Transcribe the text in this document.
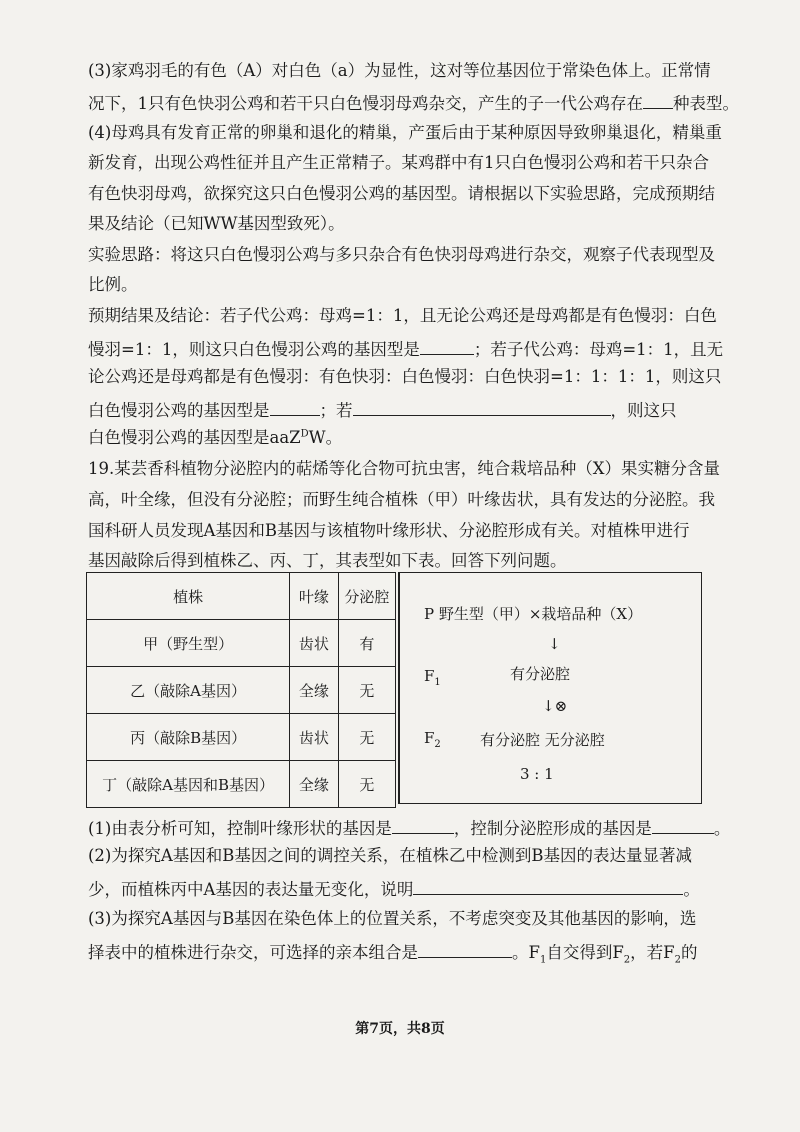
(3)家鸡羽毛的有色（A）对白色（a）为显性，这对等位基因位于常染色体上。正常情
况下，1只有色快羽公鸡和若干只白色慢羽母鸡杂交，产生的子一代公鸡存在 种表型。
(4)母鸡具有发育正常的卵巢和退化的精巢，产蛋后由于某种原因导致卵巢退化，精巢重
新发育，出现公鸡性征并且产生正常精子。某鸡群中有1只白色慢羽公鸡和若干只杂合
有色快羽母鸡，欲探究这只白色慢羽公鸡的基因型。请根据以下实验思路，完成预期结
果及结论（已知WW基因型致死）。
实验思路：将这只白色慢羽公鸡与多只杂合有色快羽母鸡进行杂交，观察子代表现型及
比例。
预期结果及结论：若子代公鸡：母鸡=1：1，且无论公鸡还是母鸡都是有色慢羽：白色
慢羽=1：1，则这只白色慢羽公鸡的基因型是	；若子代公鸡：母鸡=1：1，且无
论公鸡还是母鸡都是有色慢羽：有色快羽：白色慢羽：白色快羽=1：1：1：1，则这只
白色慢羽公鸡的基因型是	；若	，则这只
白色慢羽公鸡的基因型是aaZ$^D$W。
19.某芸香科植物分泌腔内的萜烯等化合物可抗虫害，纯合栽培品种（X）果实糖分含量
高，叶全缘，但没有分泌腔；而野生纯合植株（甲）叶缘齿状，具有发达的分泌腔。我
国科研人员发现A基因和B基因与该植物叶缘形状、分泌腔形成有关。对植株甲进行
基因敲除后得到植株乙、丙、丁，其表型如下表。回答下列问题。
植株	叶缘	分泌腔
甲（野生型）	齿状	有
乙（敲除A基因）	全缘	无
丙（敲除B基因）	齿状	无
丁（敲除A基因和B基因）	全缘	无
P 野生型（甲）×栽培品种（X）
↓
$F_1$	有分泌腔
↓⊗
$F_2$	有分泌腔 无分泌腔
3 : 1
(1)由表分析可知，控制叶缘形状的基因是	，控制分泌腔形成的基因是	。
(2)为探究A基因和B基因之间的调控关系，在植株乙中检测到B基因的表达量显著减
少，而植株丙中A基因的表达量无变化，说明	。
(3)为探究A基因与B基因在染色体上的位置关系，不考虑突变及其他基因的影响，选
择表中的植株进行杂交，可选择的亲本组合是	。$F_1$自交得到$F_2$，若$F_2$的
第7页，共8页
